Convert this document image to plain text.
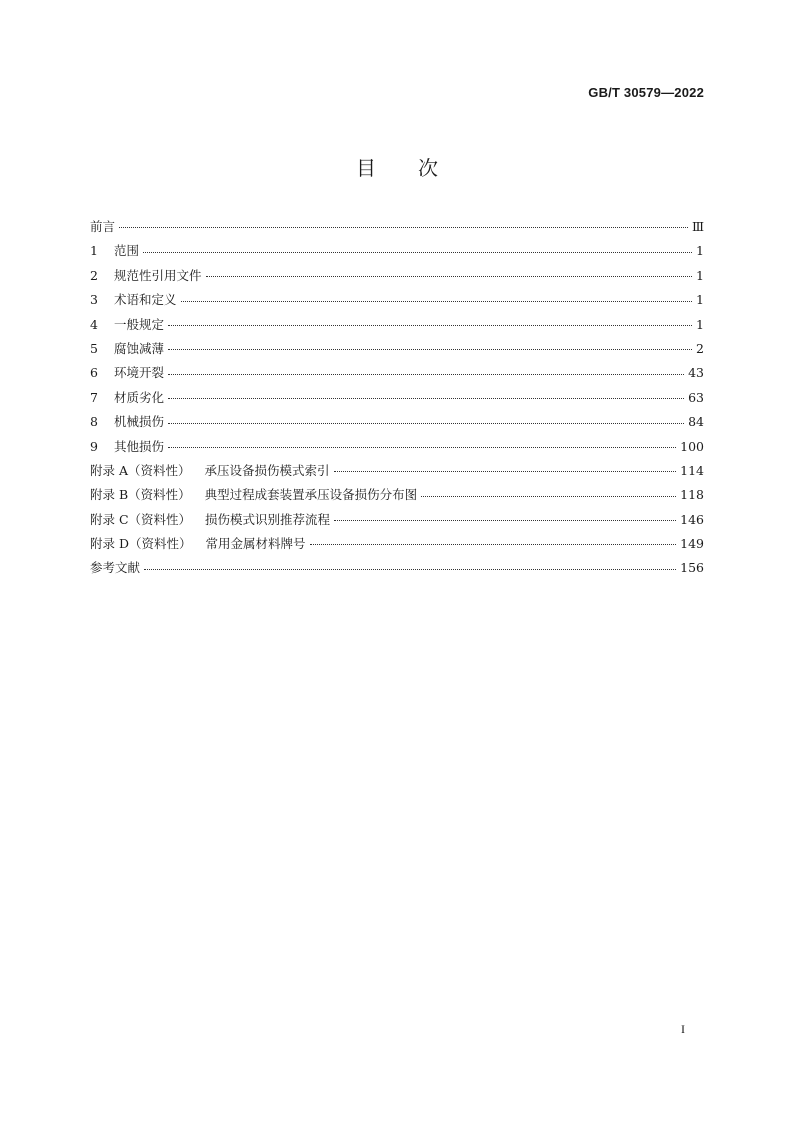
GB/T 30579—2022
目 次
前言	Ⅲ
1	范围	1
2	规范性引用文件	1
3	术语和定义	1
4	一般规定	1
5	腐蚀减薄	2
6	环境开裂	43
7	材质劣化	63
8	机械损伤	84
9	其他损伤	100
附录 A（资料性） 承压设备损伤模式索引	114
附录 B（资料性） 典型过程成套装置承压设备损伤分布图	118
附录 C（资料性） 损伤模式识别推荐流程	146
附录 D（资料性） 常用金属材料牌号	149
参考文献	156
I
